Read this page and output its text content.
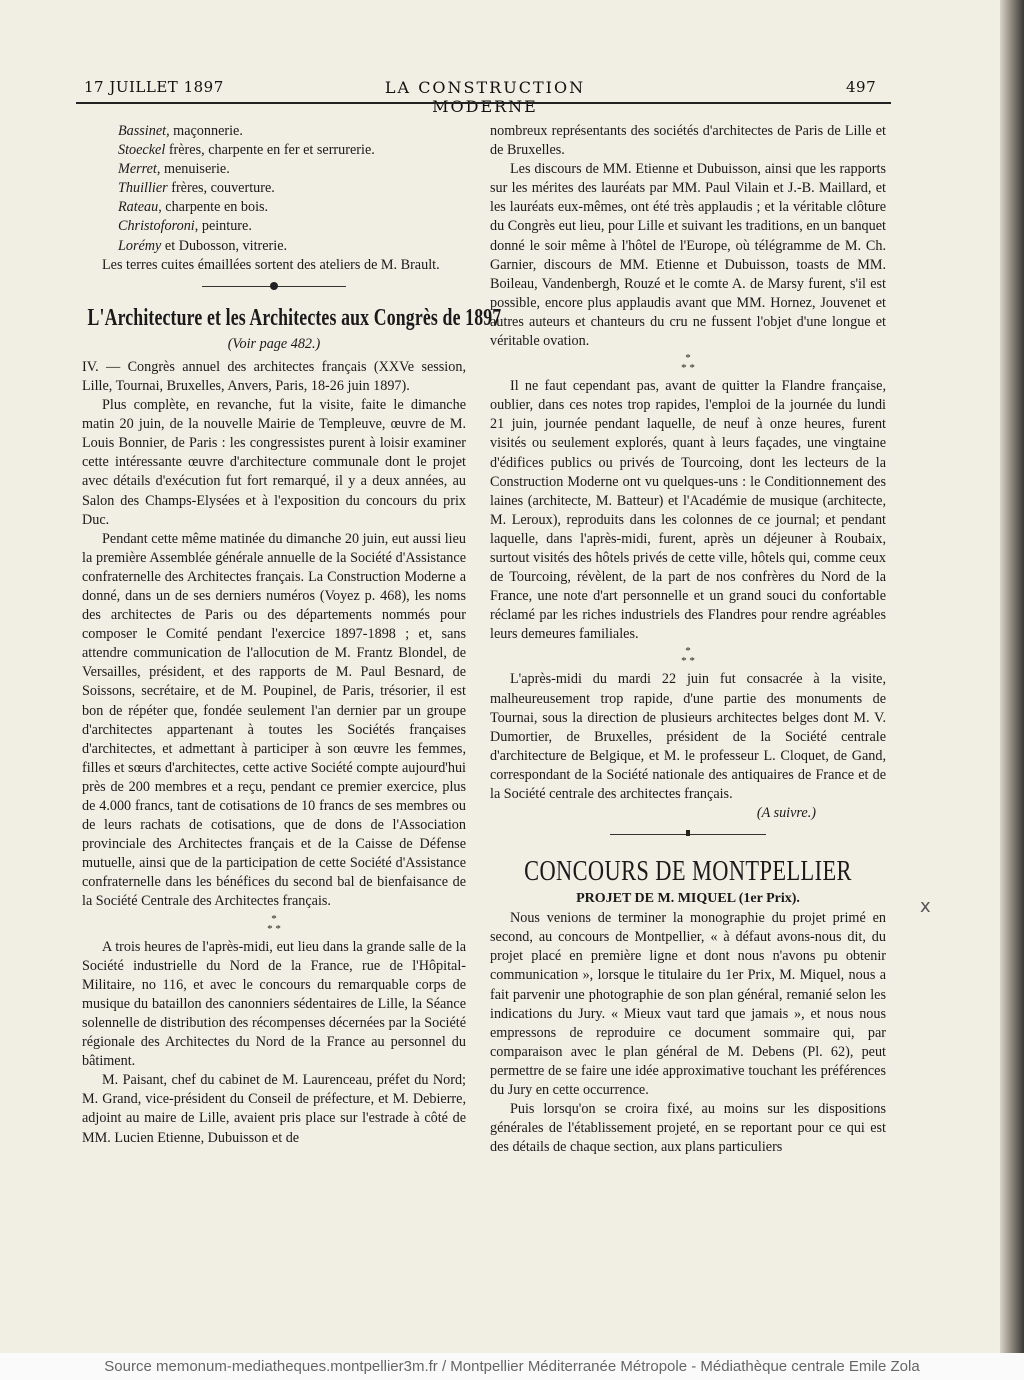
17 JUILLET 1897	LA CONSTRUCTION MODERNE
497

Bassinet, maçonnerie.

Stoeckel frères, charpente en fer et serrurerie.

Merret, menuiserie.

Thuillier frères, couverture.

Rateau, charpente en bois.

Christoforoni, peinture.

Lorémy et Dubosson, vitrerie.

Les terres cuites émaillées sortent des ateliers de M. Brault.

L'Architecture et les Architectes aux Congrès de 1897

(Voir page 482.)

IV. — Congrès annuel des architectes français (XXVe session, Lille, Tournai, Bruxelles, Anvers, Paris, 18-26 juin 1897).

Plus complète, en revanche, fut la visite, faite le dimanche matin 20 juin, de la nouvelle Mairie de Templeuve, œuvre de M. Louis Bonnier, de Paris : les congressistes purent à loisir examiner cette intéressante œuvre d'architecture communale dont le projet avec détails d'exécution fut fort remarqué, il y a deux années, au Salon des Champs-Elysées et à l'exposition du concours du prix Duc.

Pendant cette même matinée du dimanche 20 juin, eut aussi lieu la première Assemblée générale annuelle de la Société d'Assistance confraternelle des Architectes français. La Construction Moderne a donné, dans un de ses derniers numéros (Voyez p. 468), les noms des architectes de Paris ou des départements nommés pour composer le Comité pendant l'exercice 1897-1898 ; et, sans attendre communication de l'allocution de M. Frantz Blondel, de Versailles, président, et des rapports de M. Paul Besnard, de Soissons, secrétaire, et de M. Poupinel, de Paris, trésorier, il est bon de répéter que, fondée seulement l'an dernier par un groupe d'architectes appartenant à toutes les Sociétés françaises d'architectes, et admettant à participer à son œuvre les femmes, filles et sœurs d'architectes, cette active Société compte aujourd'hui près de 200 membres et a reçu, pendant ce premier exercice, plus de 4.000 francs, tant de cotisations de 10 francs de ses membres ou de leurs rachats de cotisations, que de dons de l'Association provinciale des Architectes français et de la Caisse de Défense mutuelle, ainsi que de la participation de cette Société d'Assistance confraternelle dans les bénéfices du second bal de bienfaisance de la Société Centrale des Architectes français.

*
* *

A trois heures de l'après-midi, eut lieu dans la grande salle de la Société industrielle du Nord de la France, rue de l'Hôpital-Militaire, no 116, et avec le concours du remarquable corps de musique du bataillon des canonniers sédentaires de Lille, la Séance solennelle de distribution des récompenses décernées par la Société régionale des Architectes du Nord de la France au personnel du bâtiment.

M. Paisant, chef du cabinet de M. Laurenceau, préfet du Nord; M. Grand, vice-président du Conseil de préfecture, et M. Debierre, adjoint au maire de Lille, avaient pris place sur l'estrade à côté de MM. Lucien Etienne, Dubuisson et de

nombreux représentants des sociétés d'architectes de Paris de Lille et de Bruxelles.

Les discours de MM. Etienne et Dubuisson, ainsi que les rapports sur les mérites des lauréats par MM. Paul Vilain et J.-B. Maillard, et les lauréats eux-mêmes, ont été très applaudis ; et la véritable clôture du Congrès eut lieu, pour Lille et suivant les traditions, en un banquet donné le soir même à l'hôtel de l'Europe, où télégramme de M. Ch. Garnier, discours de MM. Etienne et Dubuisson, toasts de MM. Boileau, Vandenbergh, Rouzé et le comte A. de Marsy furent, s'il est possible, encore plus applaudis avant que MM. Hornez, Jouvenet et autres auteurs et chanteurs du cru ne fussent l'objet d'une longue et véritable ovation.

*
* *

Il ne faut cependant pas, avant de quitter la Flandre française, oublier, dans ces notes trop rapides, l'emploi de la journée du lundi 21 juin, journée pendant laquelle, de neuf à onze heures, furent visités ou seulement explorés, quant à leurs façades, une vingtaine d'édifices publics ou privés de Tourcoing, dont les lecteurs de la Construction Moderne ont vu quelques-uns : le Conditionnement des laines (architecte, M. Batteur) et l'Académie de musique (architecte, M. Leroux), reproduits dans les colonnes de ce journal; et pendant laquelle, dans l'après-midi, furent, après un déjeuner à Roubaix, surtout visités des hôtels privés de cette ville, hôtels qui, comme ceux de Tourcoing, révèlent, de la part de nos confrères du Nord de la France, une note d'art personnelle et un grand souci du confortable réclamé par les riches industriels des Flandres pour rendre agréables leurs demeures familiales.

*
* *

L'après-midi du mardi 22 juin fut consacrée à la visite, malheureusement trop rapide, d'une partie des monuments de Tournai, sous la direction de plusieurs architectes belges dont M. V. Dumortier, de Bruxelles, président de la Société centrale d'architecture de Belgique, et M. le professeur L. Cloquet, de Gand, correspondant de la Société nationale des antiquaires de France et de la Société centrale des architectes français.

(A suivre.)

CONCOURS DE MONTPELLIER
PROJET DE M. MIQUEL (1er Prix).

Nous venions de terminer la monographie du projet primé en second, au concours de Montpellier, « à défaut avons-nous dit, du projet placé en première ligne et dont nous n'avons pu obtenir communication », lorsque le titulaire du 1er Prix, M. Miquel, nous a fait parvenir une photographie de son plan général, remanié selon les indications du Jury. « Mieux vaut tard que jamais », et nous nous empressons de reproduire ce document sommaire qui, par comparaison avec le plan général de M. Debens (Pl. 62), peut permettre de se faire une idée approximative touchant les préférences du Jury en cette occurrence.

Puis lorsqu'on se croira fixé, au moins sur les dispositions générales de l'établissement projeté, en se reportant pour ce qui est des détails de chaque section, aux plans particuliers

x
Source memonum-mediatheques.montpellier3m.fr / Montpellier Méditerranée Métropole - Médiathèque centrale Emile Zola
